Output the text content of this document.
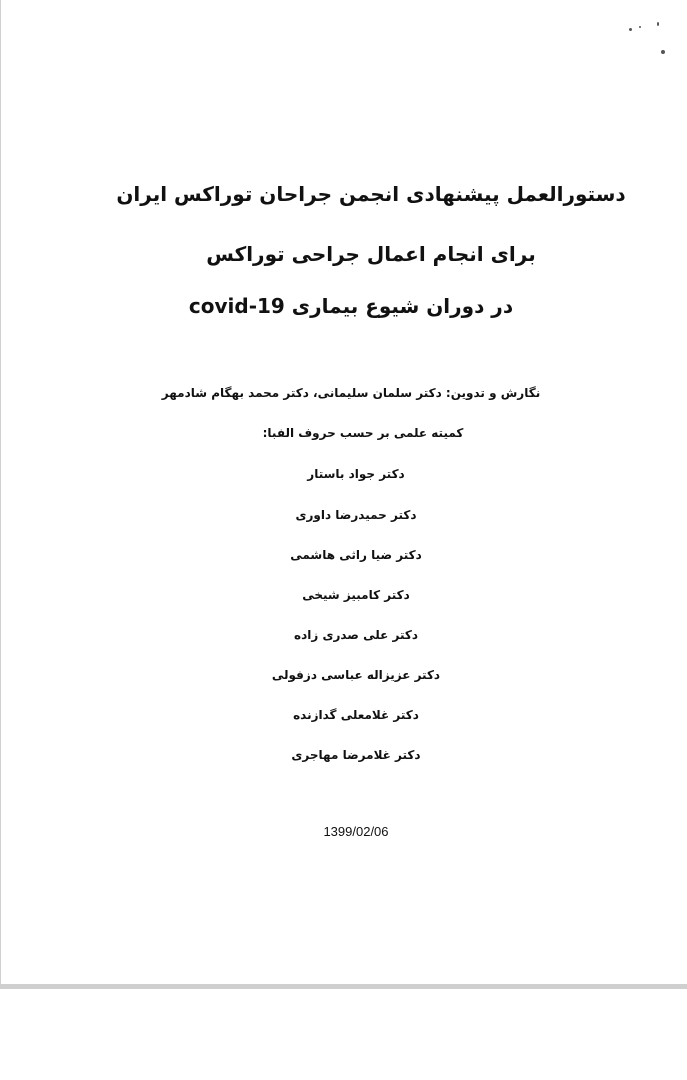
دستورالعمل پیشنهادی انجمن جراحان توراکس ایران
برای انجام اعمال جراحی توراکس
در دوران شیوع بیماری covid-19
نگارش و تدوین: دکتر سلمان سلیمانی، دکتر محمد بهگام شادمهر
کمیته علمی بر حسب حروف الفبا:
دکتر جواد باستار
دکتر حمیدرضا داوری
دکتر ضیا راثی هاشمی
دکتر کامبیز شیخی
دکتر علی صدری زاده
دکتر عزیزاله عباسی دزفولی
دکتر غلامعلی گدازنده
دکتر غلامرضا مهاجری
1399/02/06
